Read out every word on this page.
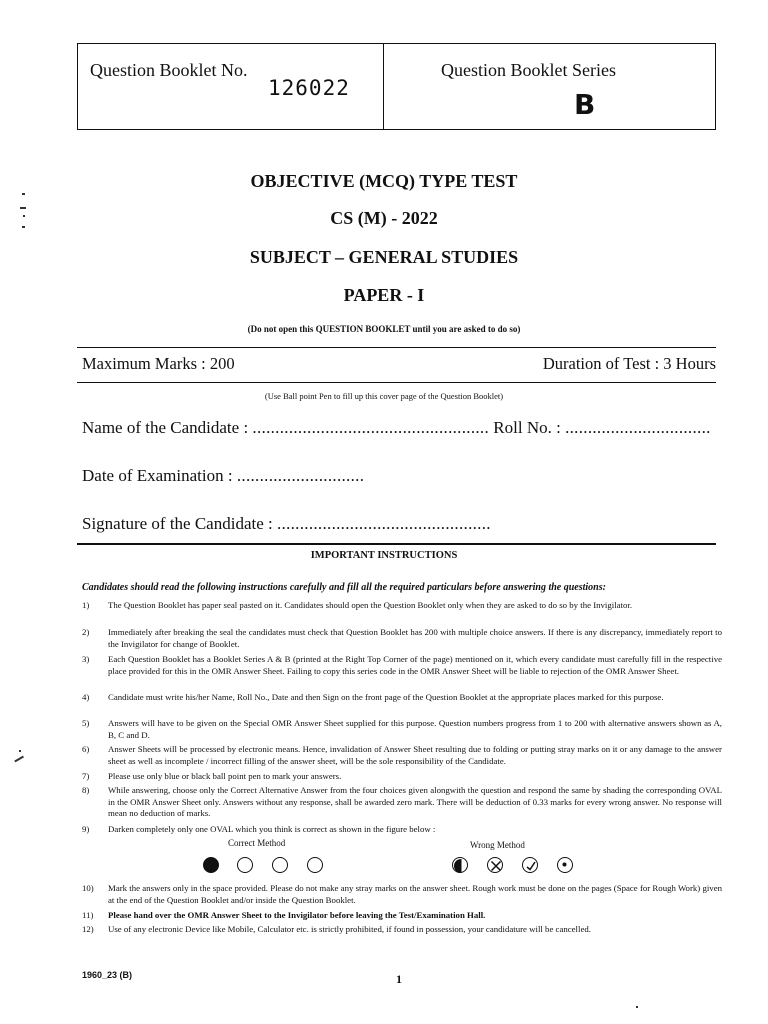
Question Booklet No.
126022
Question Booklet Series
B
OBJECTIVE (MCQ) TYPE TEST
CS (M) - 2022
SUBJECT – GENERAL STUDIES
PAPER - I
(Do not open this QUESTION BOOKLET until you are asked to do so)
Maximum Marks : 200	Duration of Test : 3 Hours
(Use Ball point Pen to fill up this cover page of the Question Booklet)
Name of the Candidate : .................................................... Roll No. : ................................
Date of Examination : ............................
Signature of the Candidate : ...............................................
IMPORTANT INSTRUCTIONS
Candidates should read the following instructions carefully and fill all the required particulars before answering the questions:
1)	The Question Booklet has paper seal pasted on it. Candidates should open the Question Booklet only when they are asked to do so by the Invigilator.
2)	Immediately after breaking the seal the candidates must check that Question Booklet has 200 with multiple choice answers. If there is any discrepancy, immediately report to the Invigilator for change of Booklet.
3)	Each Question Booklet has a Booklet Series A & B (printed at the Right Top Corner of the page) mentioned on it, which every candidate must carefully fill in the respective place provided for this in the OMR Answer Sheet. Failing to copy this series code in the OMR Answer Sheet will be liable to rejection of the OMR Answer Sheet.
4)	Candidate must write his/her Name, Roll No., Date and then Sign on the front page of the Question Booklet at the appropriate places marked for this purpose.
5)	Answers will have to be given on the Special OMR Answer Sheet supplied for this purpose. Question numbers progress from 1 to 200 with alternative answers shown as A, B, C and D.
6)	Answer Sheets will be processed by electronic means. Hence, invalidation of Answer Sheet resulting due to folding or putting stray marks on it or any damage to the answer sheet as well as incomplete / incorrect filling of the answer sheet, will be the sole responsibility of the Candidate.
7)	Please use only blue or black ball point pen to mark your answers.
8)	While answering, choose only the Correct Alternative Answer from the four choices given alongwith the question and respond the same by shading the corresponding OVAL in the OMR Answer Sheet only. Answers without any response, shall be awarded zero mark. There will be deduction of 0.33 marks for every wrong answer. No response will mean no deduction of marks.
9)	Darken completely only one OVAL which you think is correct as shown in the figure below :
Correct Method	Wrong Method
10)	Mark the answers only in the space provided. Please do not make any stray marks on the answer sheet. Rough work must be done on the pages (Space for Rough Work) given at the end of the Question Booklet and/or inside the Question Booklet.
11)	Please hand over the OMR Answer Sheet to the Invigilator before leaving the Test/Examination Hall.
12)	Use of any electronic Device like Mobile, Calculator etc. is strictly prohibited, if found in possession, your candidature will be cancelled.
1960_23 (B)	1
